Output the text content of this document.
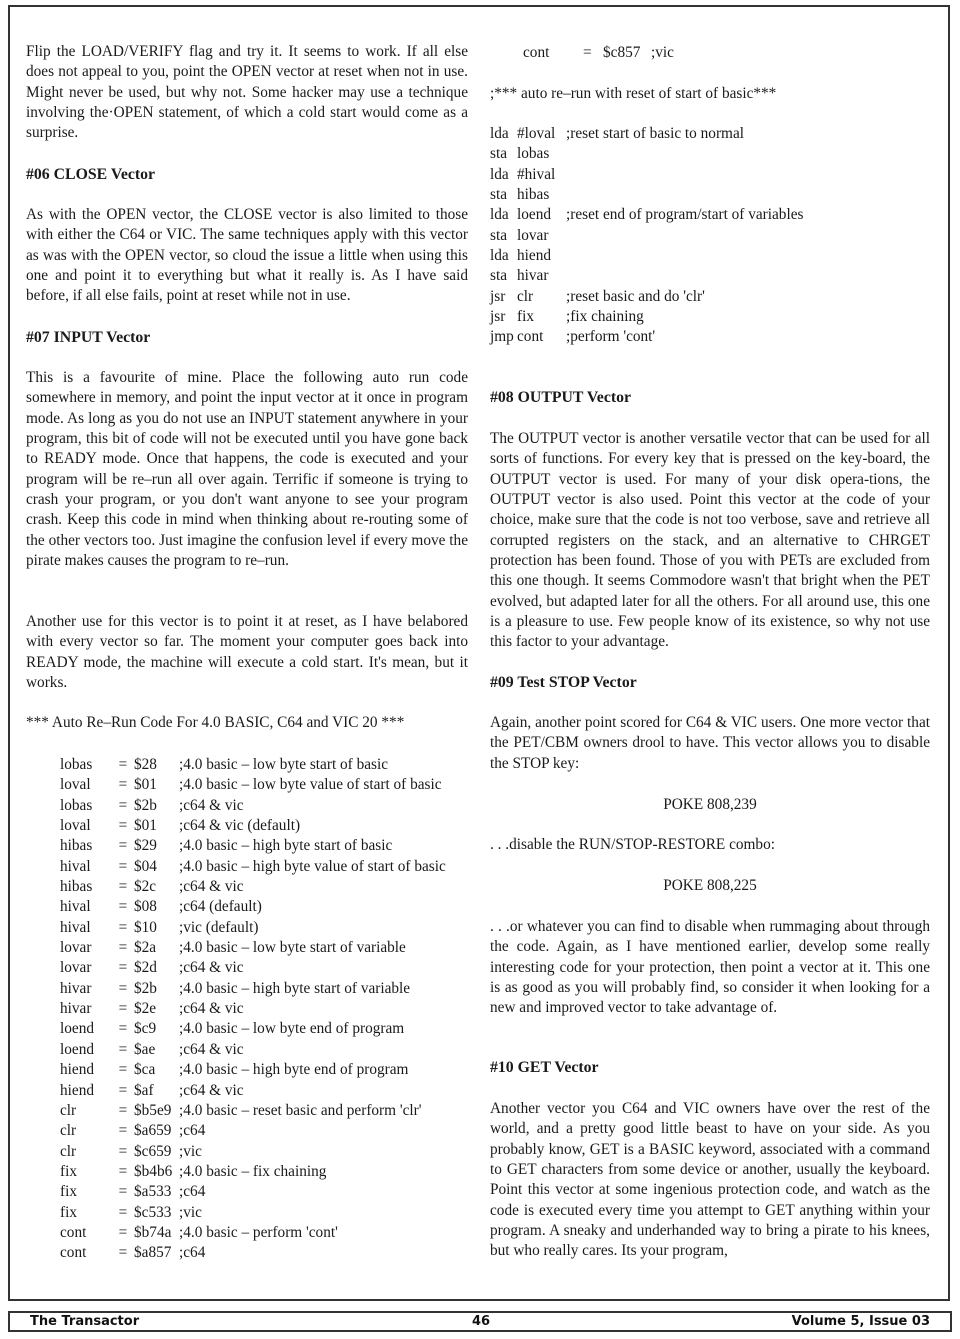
Flip the LOAD/VERIFY flag and try it. It seems to work. If all else does not appeal to you, point the OPEN vector at reset when not in use. Might never be used, but why not. Some hacker may use a technique involving the·OPEN statement, of which a cold start would come as a surprise.

#06 CLOSE Vector

As with the OPEN vector, the CLOSE vector is also limited to those with either the C64 or VIC. The same techniques apply with this vector as was with the OPEN vector, so cloud the issue a little when using this one and point it to everything but what it really is. As I have said before, if all else fails, point at reset while not in use.

#07 INPUT Vector

This is a favourite of mine. Place the following auto run code somewhere in memory, and point the input vector at it once in program mode. As long as you do not use an INPUT statement anywhere in your program, this bit of code will not be executed until you have gone back to READY mode. Once that happens, the code is executed and your program will be re–run all over again. Terrific if someone is trying to crash your program, or you don't want anyone to see your program crash. Keep this code in mind when thinking about re-routing some of the other vectors too. Just imagine the confusion level if every move the pirate makes causes the program to re–run.

Another use for this vector is to point it at reset, as I have belabored with every vector so far. The moment your computer goes back into READY mode, the machine will execute a cold start. It's mean, but it works.

*** Auto Re–Run Code For 4.0 BASIC, C64 and VIC 20 ***

lobas	=	$28	;4.0 basic – low byte start of basic
loval	=	$01	;4.0 basic – low byte value of start of basic
lobas	=	$2b	;c64 & vic
loval	=	$01	;c64 & vic (default)
hibas	=	$29	;4.0 basic – high byte start of basic
hival	=	$04	;4.0 basic – high byte value of start of basic
hibas	=	$2c	;c64 & vic
hival	=	$08	;c64 (default)
hival	=	$10	;vic (default)
lovar	=	$2a	;4.0 basic – low byte start of variable
lovar	=	$2d	;c64 & vic
hivar	=	$2b	;4.0 basic – high byte start of variable
hivar	=	$2e	;c64 & vic
loend	=	$c9	;4.0 basic – low byte end of program
loend	=	$ae	;c64 & vic
hiend	=	$ca	;4.0 basic – high byte end of program
hiend	=	$af	;c64 & vic
clr	=	$b5e9	;4.0 basic – reset basic and perform 'clr'
clr	=	$a659	;c64
clr	=	$c659	;vic
fix	=	$b4b6	;4.0 basic – fix chaining
fix	=	$a533	;c64
fix	=	$c533	;vic
cont	=	$b74a	;4.0 basic – perform 'cont'
cont	=	$a857	;c64
cont	=	$c857	;vic

;*** auto re–run with reset of start of basic***

lda	#loval	;reset start of basic to normal
sta	lobas	
lda	#hival	
sta	hibas	
lda	loend	;reset end of program/start of variables
sta	lovar	
lda	hiend	
sta	hivar	
jsr	clr	;reset basic and do 'clr'
jsr	fix	;fix chaining
jmp	cont	;perform 'cont'
#08 OUTPUT Vector

The OUTPUT vector is another versatile vector that can be used for all sorts of functions. For every key that is pressed on the key-board, the OUTPUT vector is used. For many of your disk opera-tions, the OUTPUT vector is also used. Point this vector at the code of your choice, make sure that the code is not too verbose, save and retrieve all corrupted registers on the stack, and an alternative to CHRGET protection has been found. Those of you with PETs are excluded from this one though. It seems Commodore wasn't that bright when the PET evolved, but adapted later for all the others. For all around use, this one is a pleasure to use. Few people know of its existence, so why not use this factor to your advantage.

#09 Test STOP Vector

Again, another point scored for C64 & VIC users. One more vector that the PET/CBM owners drool to have. This vector allows you to disable the STOP key:

POKE 808,239

. . .disable the RUN/STOP-RESTORE combo:

POKE 808,225

. . .or whatever you can find to disable when rummaging about through the code. Again, as I have mentioned earlier, develop some really interesting code for your protection, then point a vector at it. This one is as good as you will probably find, so consider it when looking for a new and improved vector to take advantage of.

#10 GET Vector

Another vector you C64 and VIC owners have over the rest of the world, and a pretty good little beast to have on your side. As you probably know, GET is a BASIC keyword, associated with a command to GET characters from some device or another, usually the keyboard. Point this vector at some ingenious protection code, and watch as the code is executed every time you attempt to GET anything within your program. A sneaky and underhanded way to bring a pirate to his knees, but who really cares. Its your program,

The Transactor	46	Volume 5, Issue 03
